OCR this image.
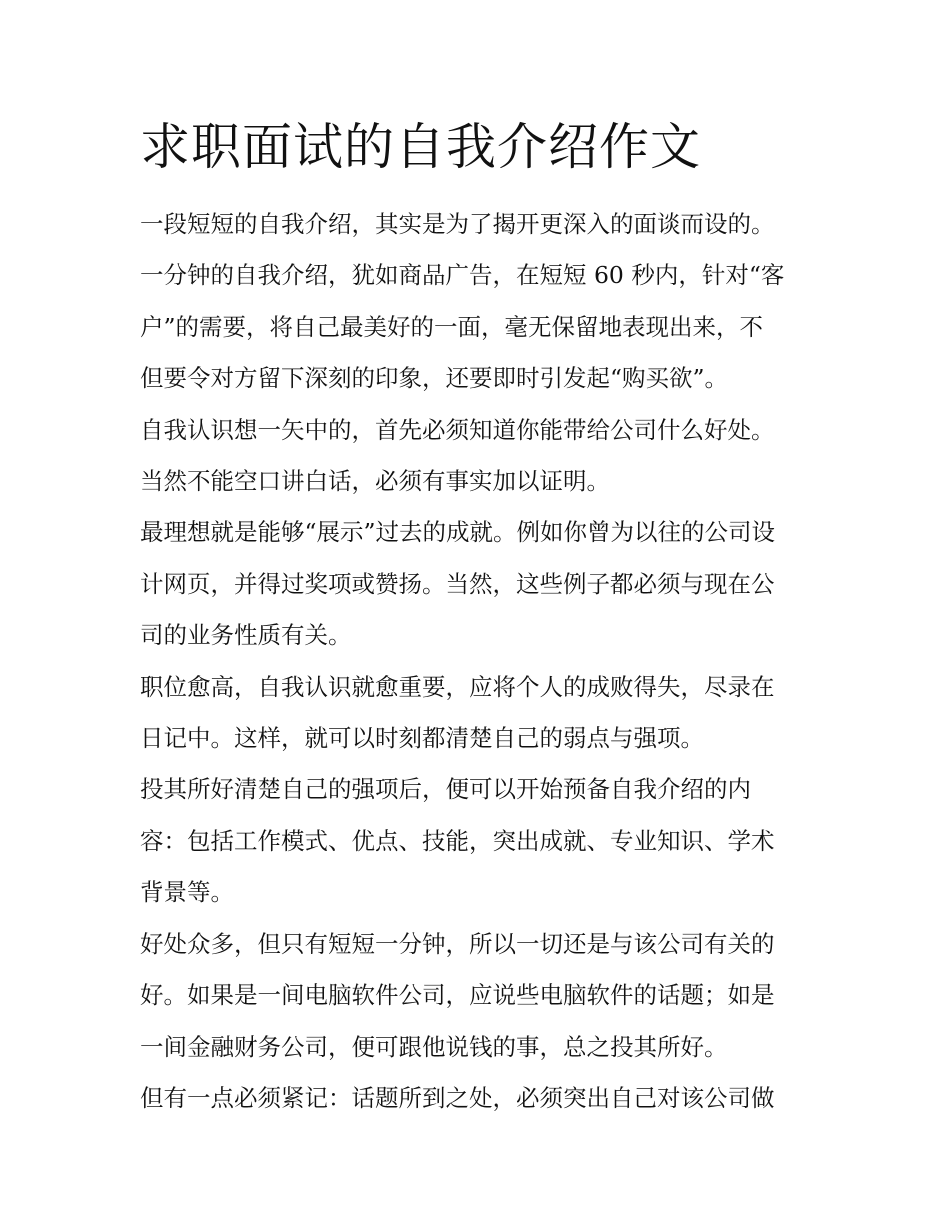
求职面试的自我介绍作文

一段短短的自我介绍，其实是为了揭开更深入的面谈而设的。
一分钟的自我介绍，犹如商品广告，在短短 60 秒内，针对“客
户”的需要，将自己最美好的一面，毫无保留地表现出来，不
但要令对方留下深刻的印象，还要即时引发起“购买欲”。

自我认识想一矢中的，首先必须知道你能带给公司什么好处。
当然不能空口讲白话，必须有事实加以证明。

最理想就是能够“展示”过去的成就。例如你曾为以往的公司设
计网页，并得过奖项或赞扬。当然，这些例子都必须与现在公
司的业务性质有关。

职位愈高，自我认识就愈重要，应将个人的成败得失，尽录在
日记中。这样，就可以时刻都清楚自己的弱点与强项。

投其所好清楚自己的强项后，便可以开始预备自我介绍的内
容：包括工作模式、优点、技能，突出成就、专业知识、学术
背景等。

好处众多，但只有短短一分钟，所以一切还是与该公司有关的
好。如果是一间电脑软件公司，应说些电脑软件的话题；如是
一间金融财务公司，便可跟他说钱的事，总之投其所好。

但有一点必须紧记：话题所到之处，必须突出自己对该公司做
